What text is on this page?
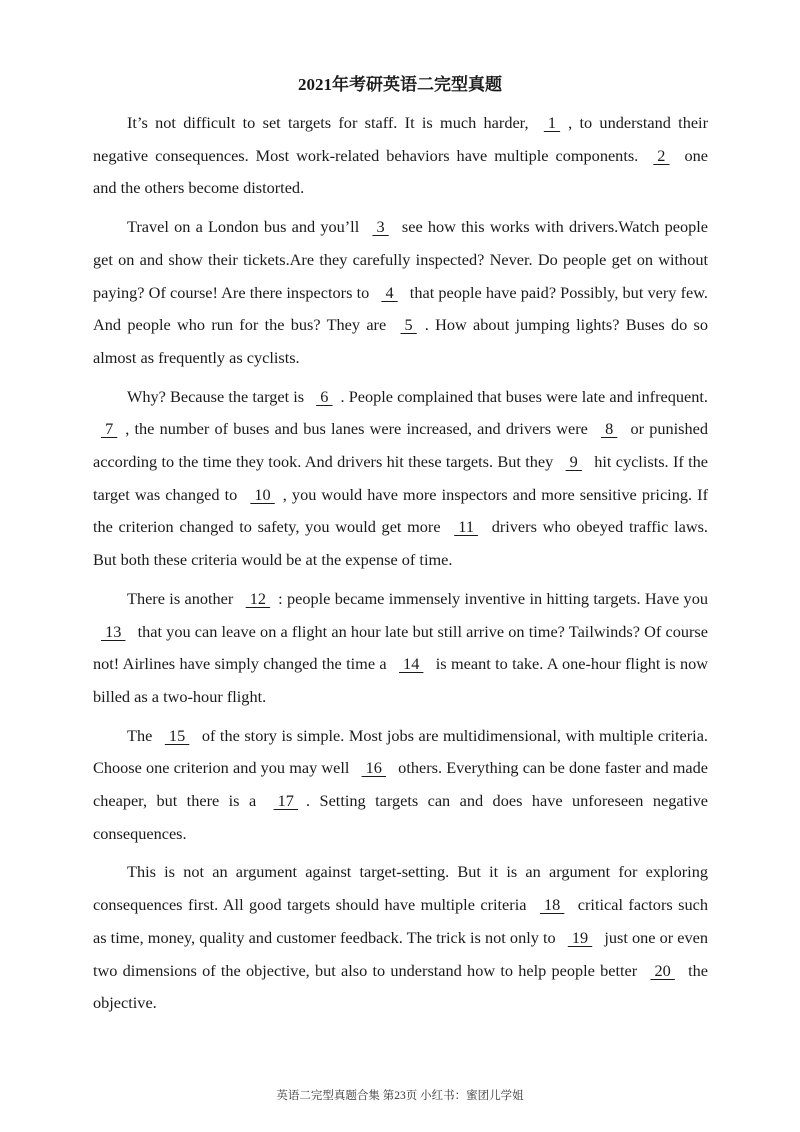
2021年考研英语二完型真题

It’s not difficult to set targets for staff. It is much harder,  1 , to understand their negative consequences. Most work-related behaviors have multiple components.  2  one and the others become distorted.

Travel on a London bus and you’ll  3  see how this works with drivers.Watch people get on and show their tickets.Are they carefully inspected? Never. Do people get on without paying? Of course! Are there inspectors to  4  that people have paid? Possibly, but very few. And people who run for the bus? They are  5 . How about jumping lights? Buses do so almost as frequently as cyclists.

Why? Because the target is  6 . People complained that buses were late and infrequent.  7 , the number of buses and bus lanes were increased, and drivers were  8  or punished according to the time they took. And drivers hit these targets. But they  9  hit cyclists. If the target was changed to  10 , you would have more inspectors and more sensitive pricing. If the criterion changed to safety, you would get more  11  drivers who obeyed traffic laws. But both these criteria would be at the expense of time.

There is another  12 : people became immensely inventive in hitting targets. Have you  13  that you can leave on a flight an hour late but still arrive on time? Tailwinds? Of course not! Airlines have simply changed the time a  14  is meant to take. A one-hour flight is now billed as a two-hour flight.

The  15  of the story is simple. Most jobs are multidimensional, with multiple criteria. Choose one criterion and you may well  16  others. Everything can be done faster and made cheaper, but there is a  17 . Setting targets can and does have unforeseen negative consequences.

This is not an argument against target-setting. But it is an argument for exploring consequences first. All good targets should have multiple criteria  18  critical factors such as time, money, quality and customer feedback. The trick is not only to  19  just one or even two dimensions of the objective, but also to understand how to help people better  20  the objective.

英语二完型真题合集 第23页 小红书：蜜团儿学姐
